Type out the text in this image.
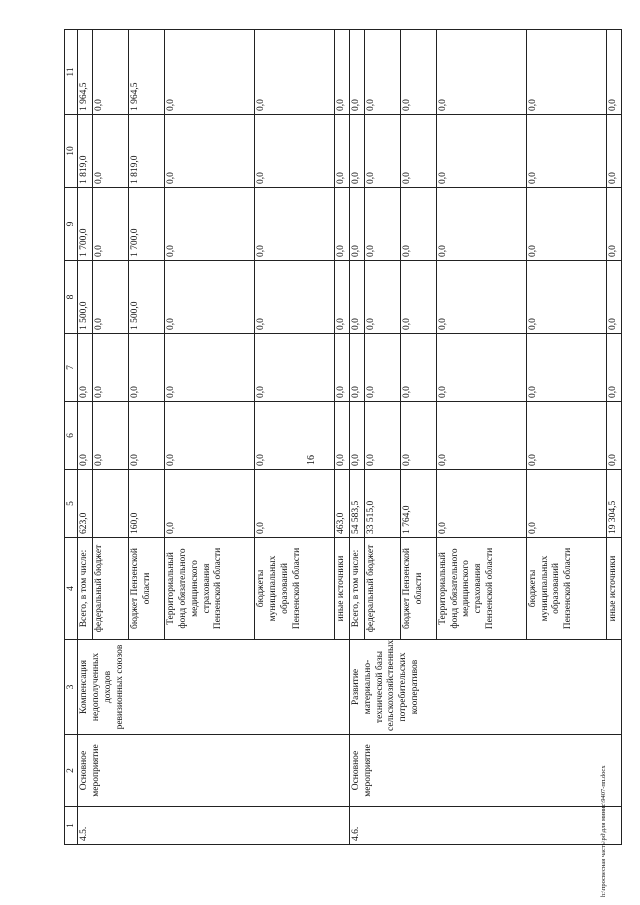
16
1	2	3	4	5	6	7	8	9	10	11
4.5.	Основное мероприятие	Компенсация недополученных доходов ревизионных союзов	Всего, в том числе:	623,0	0,0	0,0	1 500,0	1 700,0	1 819,0	1 964,5
			федеральный бюджет		0,0	0,0	0,0	0,0	0,0	0,0
			бюджет Пензенской области	160,0	0,0	0,0	1 500,0	1 700,0	1 819,0	1 964,5
			Территориальный фонд обязательного медицинского страхования Пензенской области	0,0	0,0	0,0	0,0	0,0	0,0	0,0
			бюджеты муниципальных образований Пензенской области	0,0	0,0	0,0	0,0	0,0	0,0	0,0
			иные источники	463,0	0,0	0,0	0,0	0,0	0,0	0,0
4.6.	Основное мероприятие	Развитие материально-технической базы сельскохозяйственных потребительских кооперативов	Всего, в том числе:	54 583,5	0,0	0,0	0,0	0,0	0,0	0,0
			федеральный бюджет	33 515,0	0,0	0,0	0,0	0,0	0,0	0,0
			бюджет Пензенской области	1 764,0	0,0	0,0	0,0	0,0	0,0	0,0
			Территориальный фонд обязательного медицинского страхования Пензенской области	0,0	0,0	0,0	0,0	0,0	0,0	0,0
			бюджеты муниципальных образований Пензенской области	0,0	0,0	0,0	0,0	0,0	0,0	0,0
			иные источники	19 304,5	0,0	0,0	0,0	0,0	0,0	0,0
h:\просвесная часть\pd\для минис\9407-пп.docx
